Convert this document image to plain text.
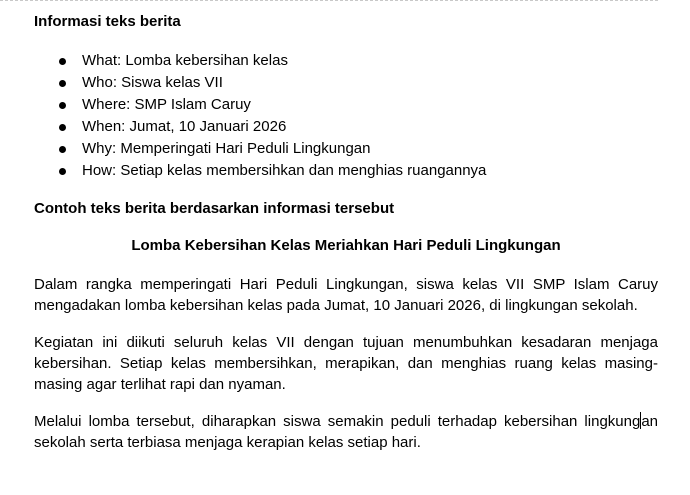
Informasi teks berita

What: Lomba kebersihan kelas
Who: Siswa kelas VII
Where: SMP Islam Caruy
When: Jumat, 10 Januari 2026
Why: Memperingati Hari Peduli Lingkungan
How: Setiap kelas membersihkan dan menghias ruangannya

Contoh teks berita berdasarkan informasi tersebut

Lomba Kebersihan Kelas Meriahkan Hari Peduli Lingkungan

Dalam rangka memperingati Hari Peduli Lingkungan, siswa kelas VII SMP Islam Caruy mengadakan lomba kebersihan kelas pada Jumat, 10 Januari 2026, di lingkungan sekolah.

Kegiatan ini diikuti seluruh kelas VII dengan tujuan menumbuhkan kesadaran menjaga kebersihan. Setiap kelas membersihkan, merapikan, dan menghias ruang kelas masing-masing agar terlihat rapi dan nyaman.

Melalui lomba tersebut, diharapkan siswa semakin peduli terhadap kebersihan lingkungan sekolah serta terbiasa menjaga kerapian kelas setiap hari.
